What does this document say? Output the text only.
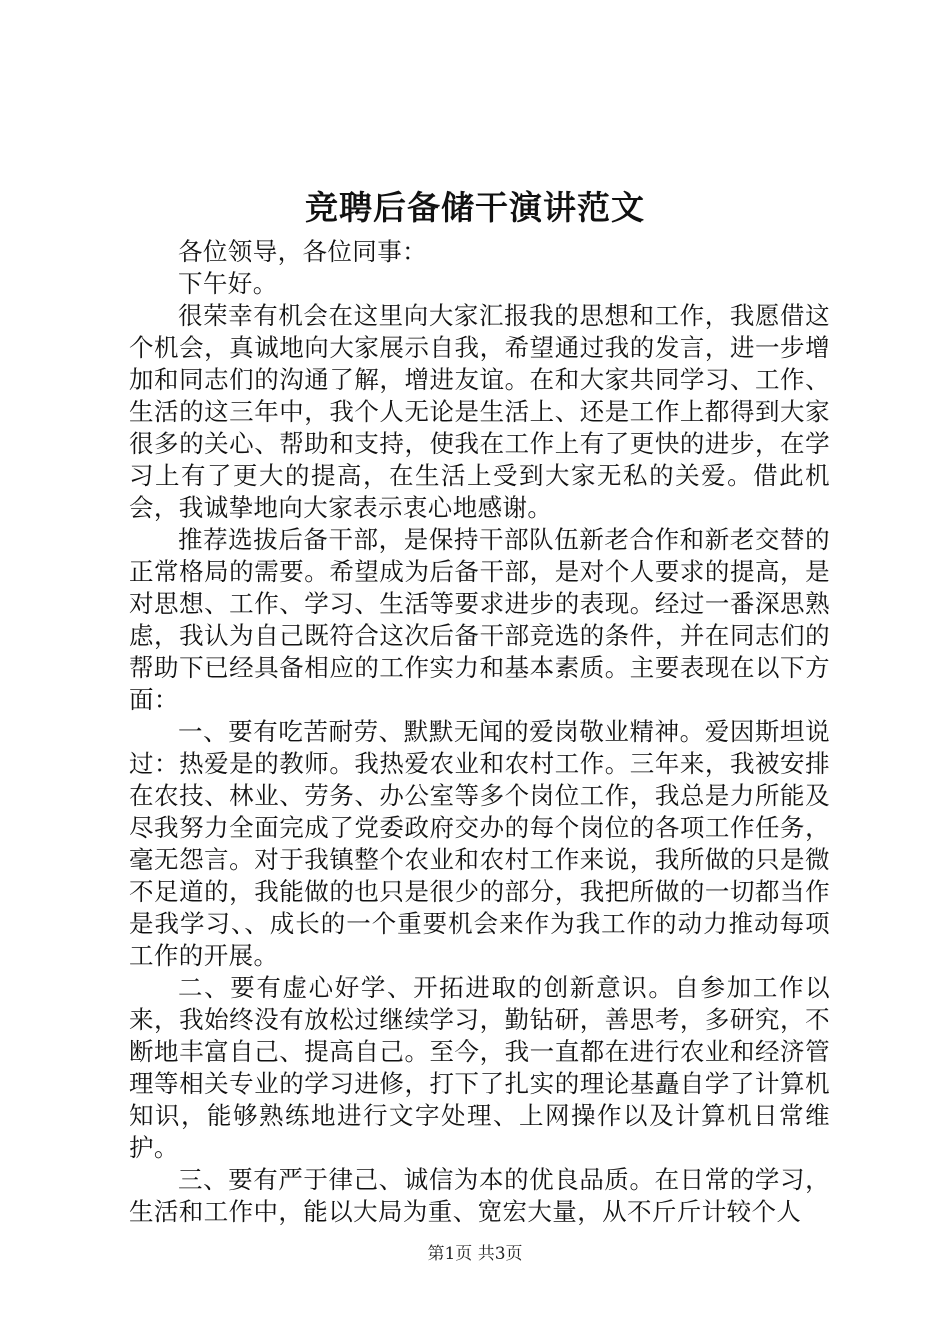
竞聘后备储干演讲范文

各位领导，各位同事：

下午好。

很荣幸有机会在这里向大家汇报我的思想和工作，我愿借这个机会，真诚地向大家展示自我，希望通过我的发言，进一步增加和同志们的沟通了解，增进友谊。在和大家共同学习、工作、生活的这三年中，我个人无论是生活上、还是工作上都得到大家很多的关心、帮助和支持，使我在工作上有了更快的进步，在学习上有了更大的提高，在生活上受到大家无私的关爱。借此机会，我诚挚地向大家表示衷心地感谢。

推荐选拔后备干部，是保持干部队伍新老合作和新老交替的正常格局的需要。希望成为后备干部，是对个人要求的提高，是对思想、工作、学习、生活等要求进步的表现。经过一番深思熟虑，我认为自己既符合这次后备干部竞选的条件，并在同志们的帮助下已经具备相应的工作实力和基本素质。主要表现在以下方面：

一、要有吃苦耐劳、默默无闻的爱岗敬业精神。爱因斯坦说过：热爱是的教师。我热爱农业和农村工作。三年来，我被安排在农技、林业、劳务、办公室等多个岗位工作，我总是力所能及尽我努力全面完成了党委政府交办的每个岗位的各项工作任务，毫无怨言。对于我镇整个农业和农村工作来说，我所做的只是微不足道的，我能做的也只是很少的部分，我把所做的一切都当作是我学习、、成长的一个重要机会来作为我工作的动力推动每项工作的开展。

二、要有虚心好学、开拓进取的创新意识。自参加工作以来，我始终没有放松过继续学习，勤钻研，善思考，多研究，不断地丰富自己、提高自己。至今，我一直都在进行农业和经济管理等相关专业的学习进修，打下了扎实的理论基矗自学了计算机知识，能够熟练地进行文字处理、上网操作以及计算机日常维护。

三、要有严于律己、诚信为本的优良品质。在日常的学习，生活和工作中，能以大局为重、宽宏大量，从不斤斤计较个人

第1页 共3页
